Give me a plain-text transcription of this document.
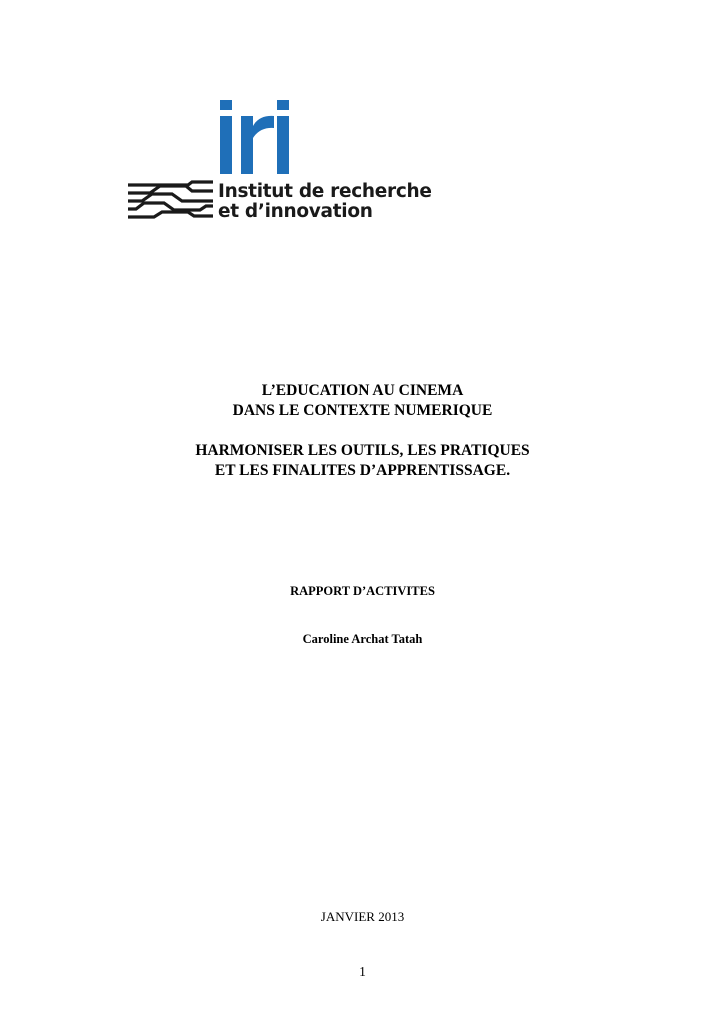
Institut de recherche
et d’innovation
L’EDUCATION AU CINEMA
DANS LE CONTEXTE NUMERIQUE
HARMONISER LES OUTILS, LES PRATIQUES
ET LES FINALITES D’APPRENTISSAGE.
RAPPORT D’ACTIVITES
Caroline Archat Tatah
JANVIER 2013
1
